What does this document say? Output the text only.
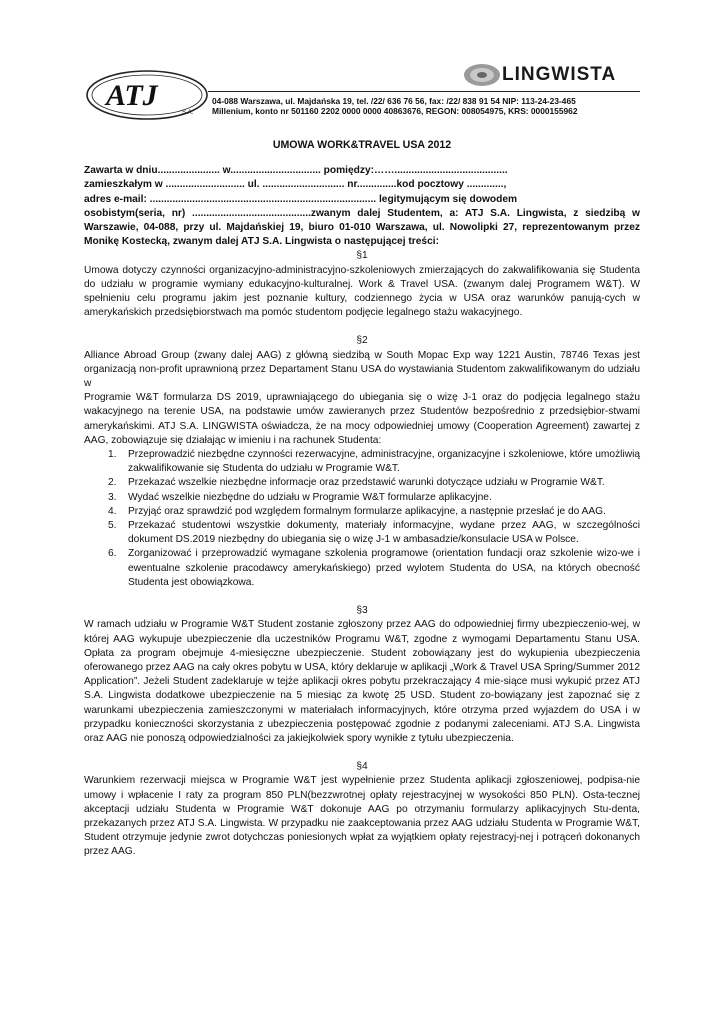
ATJ
S.A.
LINGWISTA
04-088 Warszawa, ul. Majdańska 19, tel. /22/ 636 76 56, fax: /22/ 838 91 54 NIP: 113-24-23-465
Millenium, konto nr 501160 2202 0000 0000 40863676, REGON: 008054975, KRS: 0000155962
UMOWA WORK&TRAVEL USA 2012
Zawarta w dniu...................... w................................ pomiędzy:……........................................
zamieszkałym w ............................ ul. ............................. nr..............kod pocztowy .............,
adres e-mail: ................................................................................ legitymującym się dowodem
osobistym(seria, nr) ..........................................zwanym dalej Studentem, a: ATJ S.A. Lingwista, z siedzibą w Warszawie, 04-088, przy ul. Majdańskiej 19, biuro 01-010 Warszawa, ul. Nowolipki 27, reprezentowanym przez Monikę Kostecką, zwanym dalej ATJ S.A. Lingwista o następującej treści:
§1
Umowa dotyczy czynności organizacyjno-administracyjno-szkoleniowych zmierzających do zakwalifikowania się Studenta do udziału w programie wymiany edukacyjno-kulturalnej. Work & Travel USA. (zwanym dalej Programem W&T). W spełnieniu celu programu jakim jest poznanie kultury, codziennego życia w USA oraz warunków panują-cych w amerykańskich przedsiębiorstwach ma pomóc studentom podjęcie legalnego stażu wakacyjnego.
§2
Alliance Abroad Group (zwany dalej AAG) z główną siedzibą w South Mopac Exp way 1221 Austin, 78746 Texas jest organizacją non-profit uprawnioną przez Departament Stanu USA do wystawiania Studentom zakwalifikowanym do udziału w
Programie W&T formularza DS 2019, uprawniającego do ubiegania się o wizę J-1 oraz do podjęcia legalnego stażu wakacyjnego na terenie USA, na podstawie umów zawieranych przez Studentów bezpośrednio z przedsiębior-stwami amerykańskimi. ATJ S.A. LINGWISTA oświadcza, że na mocy odpowiedniej umowy (Cooperation Agreement) zawartej z AAG, zobowiązuje się działając w imieniu i na rachunek Studenta:
1. Przeprowadzić niezbędne czynności rezerwacyjne, administracyjne, organizacyjne i szkoleniowe, które umożliwią zakwalifikowanie się Studenta do udziału w Programie W&T.
2. Przekazać wszelkie niezbędne informacje oraz przedstawić warunki dotyczące udziału w Programie W&T.
3. Wydać wszelkie niezbędne do udziału w Programie W&T formularze aplikacyjne.
4. Przyjąć oraz sprawdzić pod względem formalnym formularze aplikacyjne, a następnie przesłać je do AAG.
5. Przekazać studentowi wszystkie dokumenty, materiały informacyjne, wydane przez AAG, w szczególności dokument DS.2019 niezbędny do ubiegania się o wizę J-1 w ambasadzie/konsulacie USA w Polsce.
6. Zorganizować i przeprowadzić wymagane szkolenia programowe (orientation fundacji oraz szkolenie wizo-we i ewentualne szkolenie pracodawcy amerykańskiego) przed wylotem Studenta do USA, na których obecność Studenta jest obowiązkowa.
§3
W ramach udziału w Programie W&T Student zostanie zgłoszony przez AAG do odpowiedniej firmy ubezpieczenio-wej, w której AAG wykupuje ubezpieczenie dla uczestników Programu W&T, zgodne z wymogami Departamentu Stanu USA. Opłata za program obejmuje 4-miesięczne ubezpieczenie. Student zobowiązany jest do wykupienia ubezpieczenia oferowanego przez AAG na cały okres pobytu w USA, który deklaruje w aplikacji „Work & Travel USA Spring/Summer 2012 Application”. Jeżeli Student zadeklaruje w tejże aplikacji okres pobytu przekraczający 4 mie-siące musi wykupić przez ATJ S.A. Lingwista dodatkowe ubezpieczenie na 5 miesiąc za kwotę 25 USD. Student zo-bowiązany jest zapoznać się z warunkami ubezpieczenia zamieszczonymi w materiałach informacyjnych, które otrzyma przed wyjazdem do USA i w przypadku konieczności skorzystania z ubezpieczenia postępować zgodnie z podanymi zaleceniami. ATJ S.A. Lingwista oraz AAG nie ponoszą odpowiedzialności za jakiejkolwiek spory wynikłe z tytułu ubezpieczenia.
§4
Warunkiem rezerwacji miejsca w Programie W&T jest wypełnienie przez Studenta aplikacji zgłoszeniowej, podpisa-nie umowy i wpłacenie I raty za program 850 PLN(bezzwrotnej opłaty rejestracyjnej w wysokości 850 PLN). Osta-tecznej akceptacji udziału Studenta w Programie W&T dokonuje AAG po otrzymaniu formularzy aplikacyjnych Stu-denta, przekazanych przez ATJ S.A. Lingwista. W przypadku nie zaakceptowania przez AAG udziału Studenta w Programie W&T, Student otrzymuje jedynie zwrot dotychczas poniesionych wpłat za wyjątkiem opłaty rejestracyj-nej i potrąceń dokonanych przez AAG.
